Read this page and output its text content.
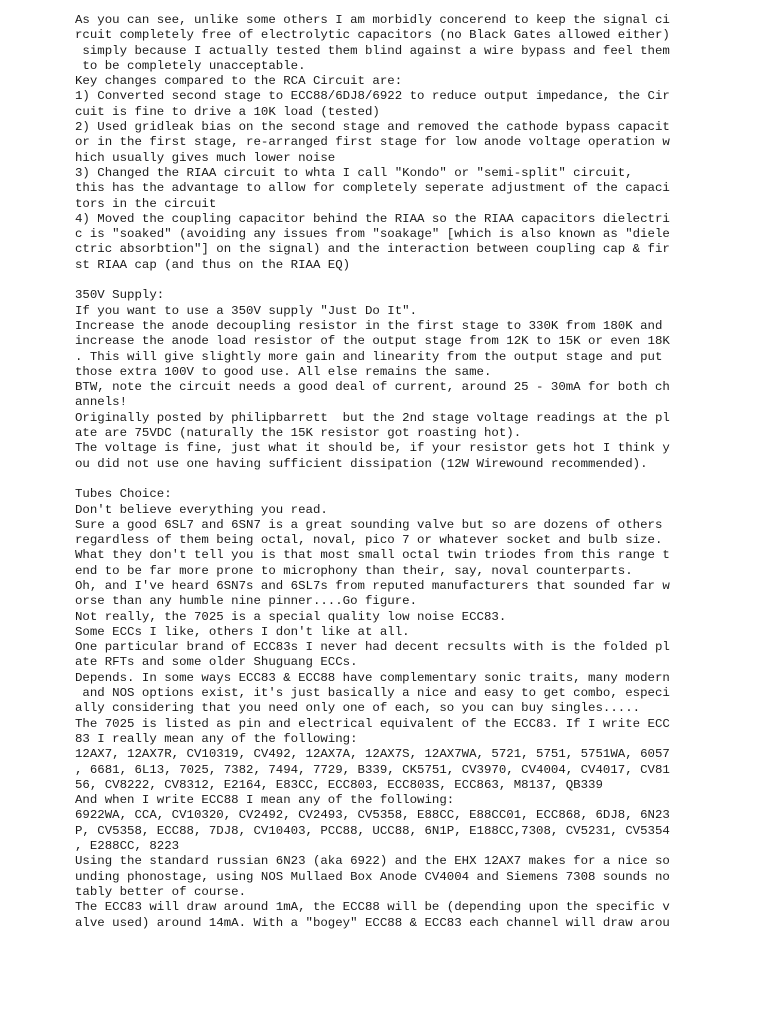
As you can see, unlike some others I am morbidly concerend to keep the signal ci
rcuit completely free of electrolytic capacitors (no Black Gates allowed either)
simply because I actually tested them blind against a wire bypass and feel them
to be completely unacceptable.
Key changes compared to the RCA Circuit are:
1) Converted second stage to ECC88/6DJ8/6922 to reduce output impedance, the Cir
cuit is fine to drive a 10K load (tested)
2) Used gridleak bias on the second stage and removed the cathode bypass capacit
or in the first stage, re-arranged first stage for low anode voltage operation w
hich usually gives much lower noise
3) Changed the RIAA circuit to whta I call "Kondo" or "semi-split" circuit,
this has the advantage to allow for completely seperate adjustment of the capaci
tors in the circuit
4) Moved the coupling capacitor behind the RIAA so the RIAA capacitors dielectri
c is "soaked" (avoiding any issues from "soakage" [which is also known as "diele
ctric absorbtion"] on the signal) and the interaction between coupling cap & fir
st RIAA cap (and thus on the RIAA EQ)
350V Supply:
If you want to use a 350V supply "Just Do It".
Increase the anode decoupling resistor in the first stage to 330K from 180K and
increase the anode load resistor of the output stage from 12K to 15K or even 18K
. This will give slightly more gain and linearity from the output stage and put
those extra 100V to good use. All else remains the same.
BTW, note the circuit needs a good deal of current, around 25 - 30mA for both ch
annels!
Originally posted by philipbarrett  but the 2nd stage voltage readings at the pl
ate are 75VDC (naturally the 15K resistor got roasting hot).
The voltage is fine, just what it should be, if your resistor gets hot I think y
ou did not use one having sufficient dissipation (12W Wirewound recommended).
Tubes Choice:
Don't believe everything you read.
Sure a good 6SL7 and 6SN7 is a great sounding valve but so are dozens of others
regardless of them being octal, noval, pico 7 or whatever socket and bulb size.
What they don't tell you is that most small octal twin triodes from this range t
end to be far more prone to microphony than their, say, noval counterparts.
Oh, and I've heard 6SN7s and 6SL7s from reputed manufacturers that sounded far w
orse than any humble nine pinner....Go figure.
Not really, the 7025 is a special quality low noise ECC83.
Some ECCs I like, others I don't like at all.
One particular brand of ECC83s I never had decent recsults with is the folded pl
ate RFTs and some older Shuguang ECCs.
Depends. In some ways ECC83 & ECC88 have complementary sonic traits, many modern
and NOS options exist, it's just basically a nice and easy to get combo, especi
ally considering that you need only one of each, so you can buy singles.....
The 7025 is listed as pin and electrical equivalent of the ECC83. If I write ECC
83 I really mean any of the following:
12AX7, 12AX7R, CV10319, CV492, 12AX7A, 12AX7S, 12AX7WA, 5721, 5751, 5751WA, 6057
, 6681, 6L13, 7025, 7382, 7494, 7729, B339, CK5751, CV3970, CV4004, CV4017, CV81
56, CV8222, CV8312, E2164, E83CC, ECC803, ECC803S, ECC863, M8137, QB339
And when I write ECC88 I mean any of the following:
6922WA, CCA, CV10320, CV2492, CV2493, CV5358, E88CC, E88CC01, ECC868, 6DJ8, 6N23
P, CV5358, ECC88, 7DJ8, CV10403, PCC88, UCC88, 6N1P, E188CC,7308, CV5231, CV5354
, E288CC, 8223
Using the standard russian 6N23 (aka 6922) and the EHX 12AX7 makes for a nice so
unding phonostage, using NOS Mullaed Box Anode CV4004 and Siemens 7308 sounds no
tably better of course.
The ECC83 will draw around 1mA, the ECC88 will be (depending upon the specific v
alve used) around 14mA. With a "bogey" ECC88 & ECC83 each channel will draw arou
